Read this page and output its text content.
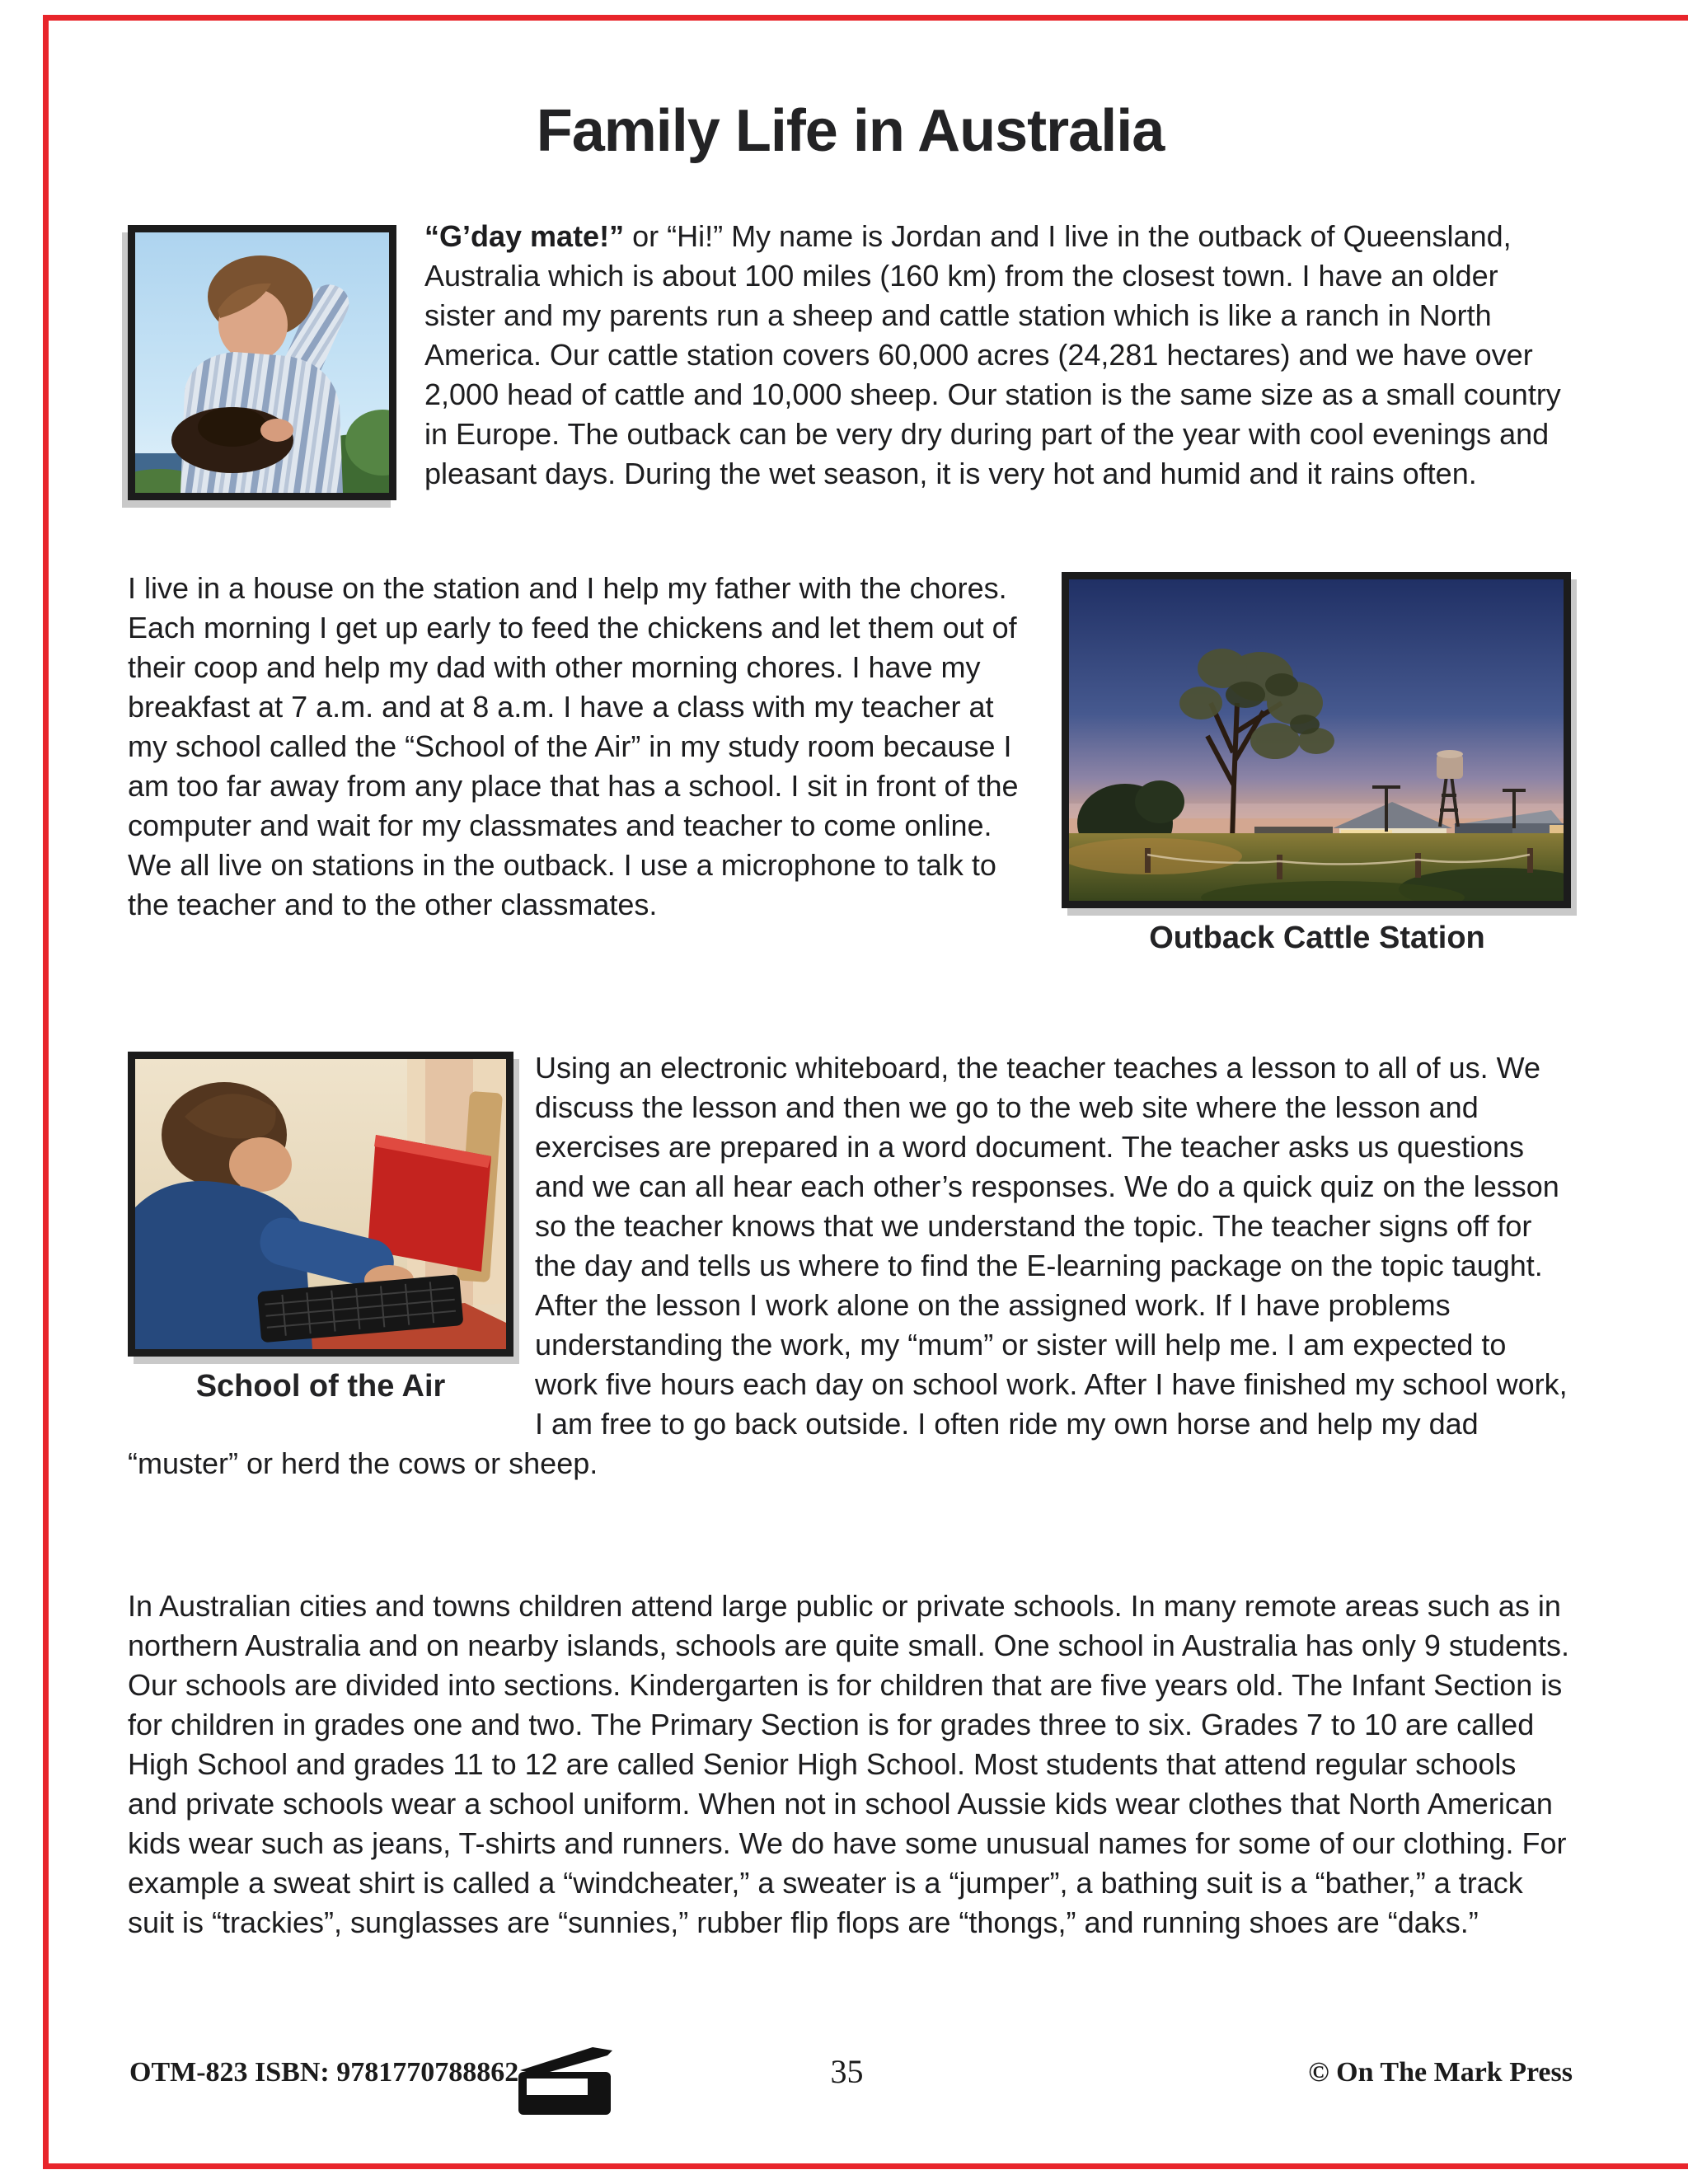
Family Life in Australia

“G’day mate!” or “Hi!” My name is Jordan and I live in the outback of Queensland, Australia which is about 100 miles (160 km) from the closest town. I have an older sister and my parents run a sheep and cattle station which is like a ranch in North America. Our cattle station covers 60,000 acres (24,281 hectares) and we have over 2,000 head of cattle and 10,000 sheep. Our station is the same size as a small country in Europe. The outback can be very dry during part of the year with cool evenings and pleasant days. During the wet season, it is very hot and humid and it rains often.

Outback Cattle Station

I live in a house on the station and I help my father with the chores. Each morning I get up early to feed the chickens and let them out of their coop and help my dad with other morning chores. I have my breakfast at 7 a.m. and at 8 a.m. I have a class with my teacher at my school called the “School of the Air” in my study room because I am too far away from any place that has a school. I sit in front of the computer and wait for my classmates and teacher to come online. We all live on stations in the outback. I use a microphone to talk to the teacher and to the other classmates.

School of the Air

Using an electronic whiteboard, the teacher teaches a lesson to all of us. We discuss the lesson and then we go to the web site where the lesson and exercises are prepared in a word document. The teacher asks us questions and we can all hear each other’s responses. We do a quick quiz on the lesson so the teacher knows that we understand the topic. The teacher signs off for the day and tells us where to find the E-learning package on the topic taught. After the lesson I work alone on the assigned work. If I have problems understanding the work, my “mum” or sister will help me. I am expected to work five hours each day on school work. After I have finished my school work, I am free to go back outside. I often ride my own horse and help my dad “muster” or herd the cows or sheep.

In Australian cities and towns children attend large public or private schools. In many remote areas such as in northern Australia and on nearby islands, schools are quite small. One school in Australia has only 9 students. Our schools are divided into sections. Kindergarten is for children that are five years old. The Infant Section is for children in grades one and two. The Primary Section is for grades three to six. Grades 7 to 10 are called High School and grades 11 to 12 are called Senior High School. Most students that attend regular schools and private schools wear a school uniform. When not in school Aussie kids wear clothes that North American kids wear such as jeans, T-shirts and runners. We do have some unusual names for some of our clothing. For example a sweat shirt is called a “windcheater,” a sweater is a “jumper”, a bathing suit is a “bather,” a track suit is “trackies”, sunglasses are “sunnies,” rubber flip flops are “thongs,” and running shoes are “daks.”

OTM-823 ISBN: 9781770788862	35	© On The Mark Press
